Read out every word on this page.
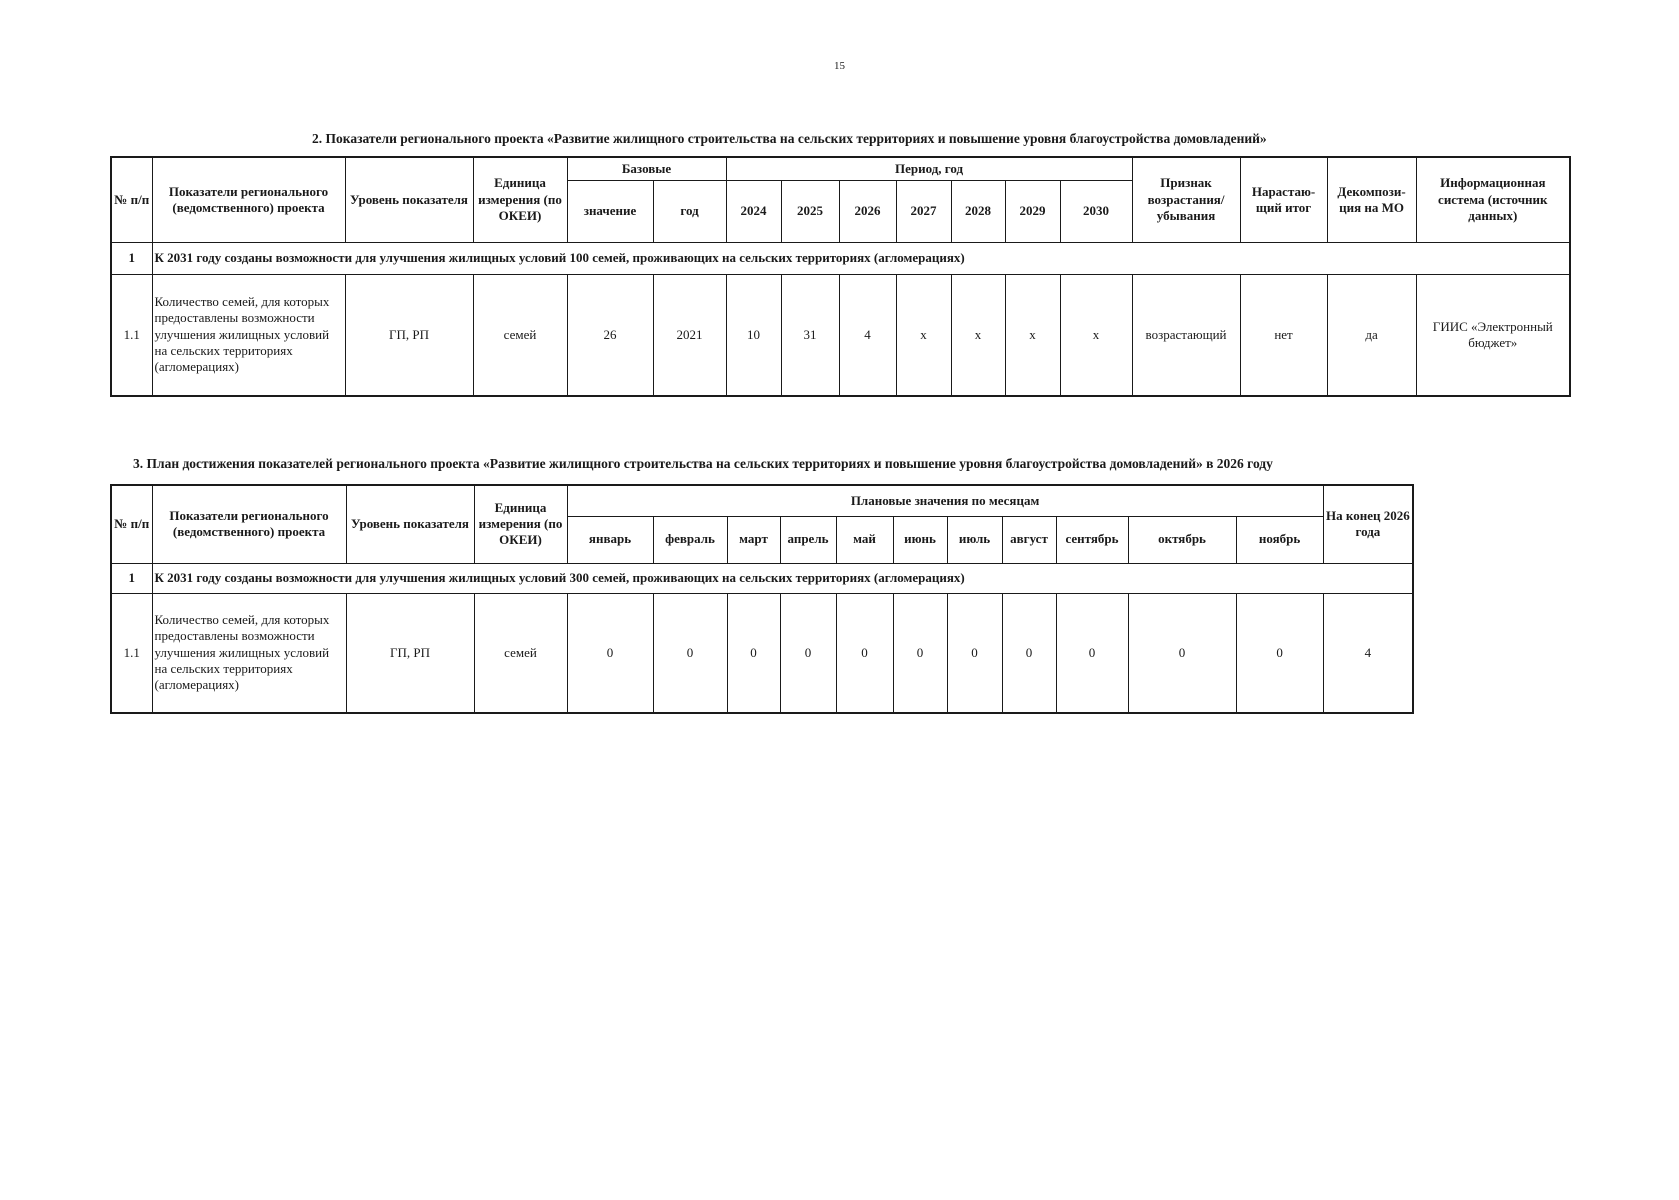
15
2. Показатели регионального проекта «Развитие жилищного строительства на сельских территориях и повышение уровня благоустройства домовладений»
№ п/п	Показатели регионального (ведомственного) проекта	Уровень показателя	Единица измерения (по ОКЕИ)	Базовые		Период, год							Признак возрастания/ убывания	Нарастаю-щий итог	Декомпози-ция на МО	Информационная система (источник данных)
				значение	год	2024	2025	2026	2027	2028	2029	2030				
1	К 2031 году созданы возможности для улучшения жилищных условий 100 семей, проживающих на сельских территориях (агломерациях)															
1.1	Количество семей, для которых предоставлены возможности улучшения жилищных условий на сельских территориях (агломерациях)	ГП, РП	семей	26	2021	10	31	4	х	х	х	х	возрастающий	нет	да	ГИИС «Электронный бюджет»
3. План достижения показателей регионального проекта «Развитие жилищного строительства на сельских территориях и повышение уровня благоустройства домовладений» в 2026 году
№ п/п	Показатели регионального (ведомственного) проекта	Уровень показателя	Единица измерения (по ОКЕИ)	Плановые значения по месяцам											На конец 2026 года
				январь	февраль	март	апрель	май	июнь	июль	август	сентябрь	октябрь	ноябрь	
1	К 2031 году созданы возможности для улучшения жилищных условий 300 семей, проживающих на сельских территориях (агломерациях)														
1.1	Количество семей, для которых предоставлены возможности улучшения жилищных условий на сельских территориях (агломерациях)	ГП, РП	семей	0	0	0	0	0	0	0	0	0	0	0	4
